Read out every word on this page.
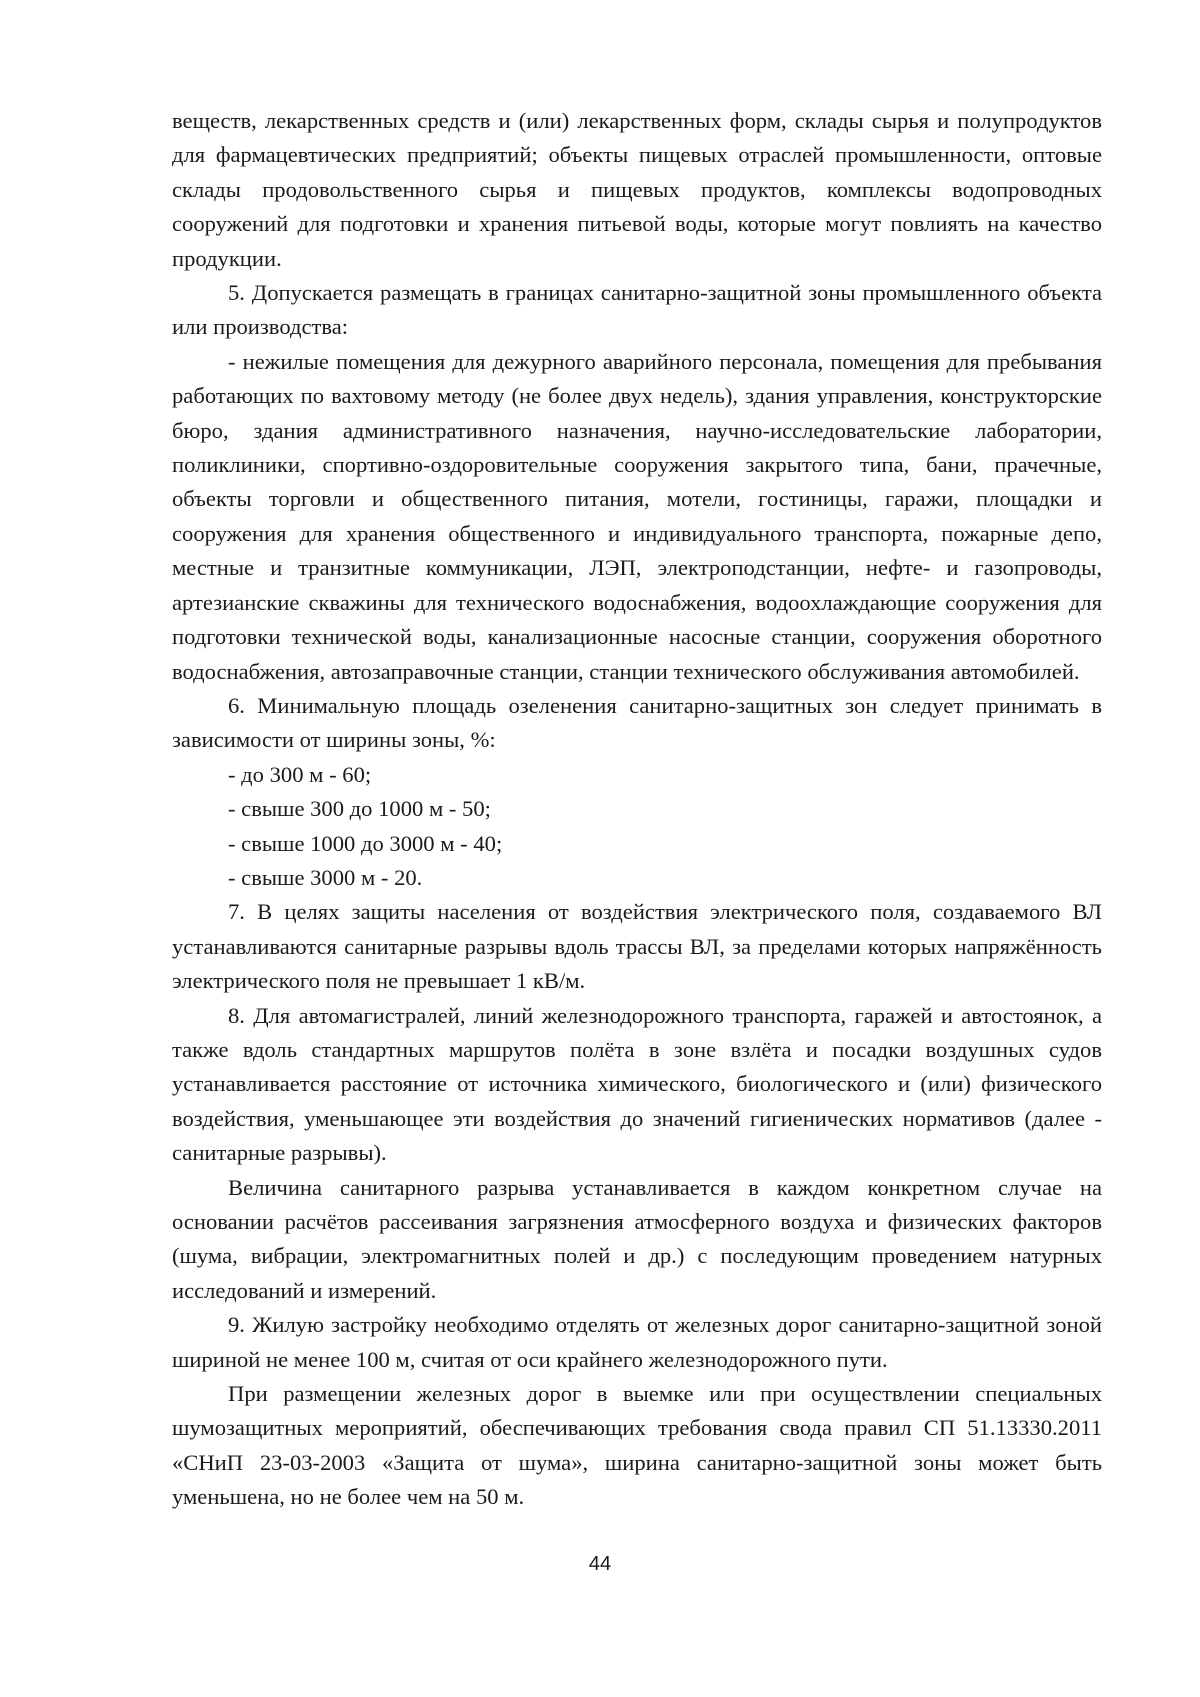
веществ, лекарственных средств и (или) лекарственных форм, склады сырья и полупродуктов для фармацевтических предприятий; объекты пищевых отраслей промышленности, оптовые склады продовольственного сырья и пищевых продуктов, комплексы водопроводных сооружений для подготовки и хранения питьевой воды, которые могут повлиять на качество продукции.

5. Допускается размещать в границах санитарно-защитной зоны промышленного объекта или производства:

- нежилые помещения для дежурного аварийного персонала, помещения для пребывания работающих по вахтовому методу (не более двух недель), здания управления, конструкторские бюро, здания административного назначения, научно-исследовательские лаборатории, поликлиники, спортивно-оздоровительные сооружения закрытого типа, бани, прачечные, объекты торговли и общественного питания, мотели, гостиницы, гаражи, площадки и сооружения для хранения общественного и индивидуального транспорта, пожарные депо, местные и транзитные коммуникации, ЛЭП, электроподстанции, нефте- и газопроводы, артезианские скважины для технического водоснабжения, водоохлаждающие сооружения для подготовки технической воды, канализационные насосные станции, сооружения оборотного водоснабжения, автозаправочные станции, станции технического обслуживания автомобилей.

6. Минимальную площадь озеленения санитарно-защитных зон следует принимать в зависимости от ширины зоны, %:

- до 300 м - 60;

- свыше 300 до 1000 м - 50;

- свыше 1000 до 3000 м - 40;

- свыше 3000 м - 20.

7. В целях защиты населения от воздействия электрического поля, создаваемого ВЛ устанавливаются санитарные разрывы вдоль трассы ВЛ, за пределами которых напряжённость электрического поля не превышает 1 кВ/м.

8. Для автомагистралей, линий железнодорожного транспорта, гаражей и автостоянок, а также вдоль стандартных маршрутов полёта в зоне взлёта и посадки воздушных судов устанавливается расстояние от источника химического, биологического и (или) физического воздействия, уменьшающее эти воздействия до значений гигиенических нормативов (далее - санитарные разрывы).

Величина санитарного разрыва устанавливается в каждом конкретном случае на основании расчётов рассеивания загрязнения атмосферного воздуха и физических факторов (шума, вибрации, электромагнитных полей и др.) с последующим проведением натурных исследований и измерений.

9. Жилую застройку необходимо отделять от железных дорог санитарно-защитной зоной шириной не менее 100 м, считая от оси крайнего железнодорожного пути.

При размещении железных дорог в выемке или при осуществлении специальных шумозащитных мероприятий, обеспечивающих требования свода правил СП 51.13330.2011 «СНиП 23-03-2003 «Защита от шума», ширина санитарно-защитной зоны может быть уменьшена, но не более чем на 50 м.

44
